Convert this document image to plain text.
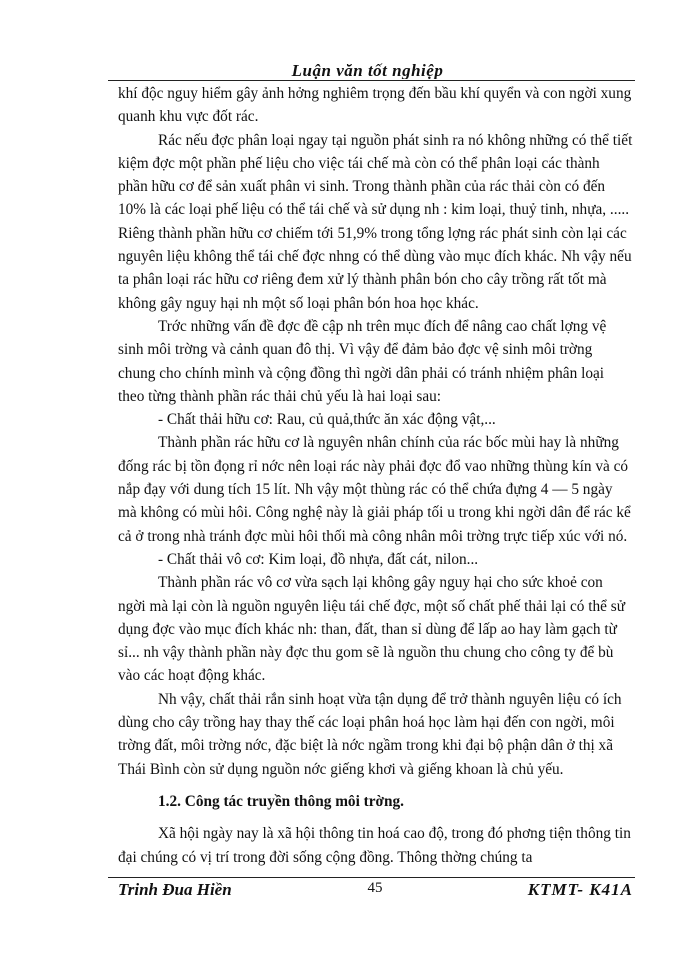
Luận văn tốt nghiệp

khí độc nguy hiểm gây ảnh hởng nghiêm trọng đến bầu khí quyển và con ngời xung quanh khu vực đốt rác.

Rác nếu đợc phân loại ngay tại nguồn phát sinh ra nó không những có thể tiết kiệm đợc một phần phế liệu cho việc tái chế mà còn có thể phân loại các thành phần hữu cơ để sản xuất phân vi sinh. Trong thành phần của rác thải còn có đến 10% là các loại phế liệu có thể tái chế và sử dụng nh : kim loại, thuỷ tinh, nhựa, ..... Riêng thành phần hữu cơ chiếm tới 51,9% trong tổng lợng rác phát sinh còn lại các nguyên liệu không thể tái chế đợc nhng có thể dùng vào mục đích khác. Nh vậy nếu ta phân loại rác hữu cơ riêng đem xử lý thành phân bón cho cây trồng rất tốt mà không gây nguy hại nh một số loại phân bón hoa học khác.

Trớc những vấn đề đợc đề cập nh trên mục đích để nâng cao chất lợng vệ sinh môi trờng và cảnh quan đô thị. Vì vậy để đảm bảo đợc vệ sinh môi trờng chung cho chính mình và cộng đồng thì ngời dân phải có tránh nhiệm phân loại theo từng thành phần rác thải chủ yếu là hai loại sau:

- Chất thải hữu cơ: Rau, củ quả,thức ăn xác động vật,...

Thành phần rác hữu cơ là nguyên nhân chính của rác bốc mùi hay là những đống rác bị tồn đọng rỉ nớc nên loại rác này phải đợc đổ vao những thùng kín và có nắp đạy với dung tích 15 lít. Nh vậy một thùng rác có thể chứa đựng 4 — 5 ngày mà không có mùi hôi. Công nghệ này là giải pháp tối u trong khi ngời dân để rác kể cả ở trong nhà tránh đợc mùi hôi thối mà công nhân môi trờng trực tiếp xúc với nó.

- Chất thải vô cơ: Kim loại, đồ nhựa, đất cát, nilon...

Thành phần rác vô cơ vừa sạch lại không gây nguy hại cho sức khoẻ con ngời mà lại còn là nguồn nguyên liệu tái chế đợc, một số chất phế thải lại có thể sử dụng đợc vào mục đích khác nh: than, đất, than sỉ dùng để lấp ao hay làm gạch từ sỉ... nh vậy thành phần này đợc thu gom sẽ là nguồn thu chung cho công ty để bù vào các hoạt động khác.

Nh vậy, chất thải rắn sinh hoạt vừa tận dụng để trở thành nguyên liệu có ích dùng cho cây trồng hay thay thế các loại phân hoá học làm hại đến con ngời, môi trờng đất, môi trờng nớc, đặc biệt là nớc ngầm trong khi đại bộ phận dân ở thị xã Thái Bình còn sử dụng nguồn nớc giếng khơi và giếng khoan là chủ yếu.

1.2. Công tác truyền thông môi trờng.

Xã hội ngày nay là xã hội thông tin hoá cao độ, trong đó phơng tiện thông tin đại chúng có vị trí trong đời sống cộng đồng. Thông thờng chúng ta

Trinh Đua Hiền	45	KTMT- K41A
